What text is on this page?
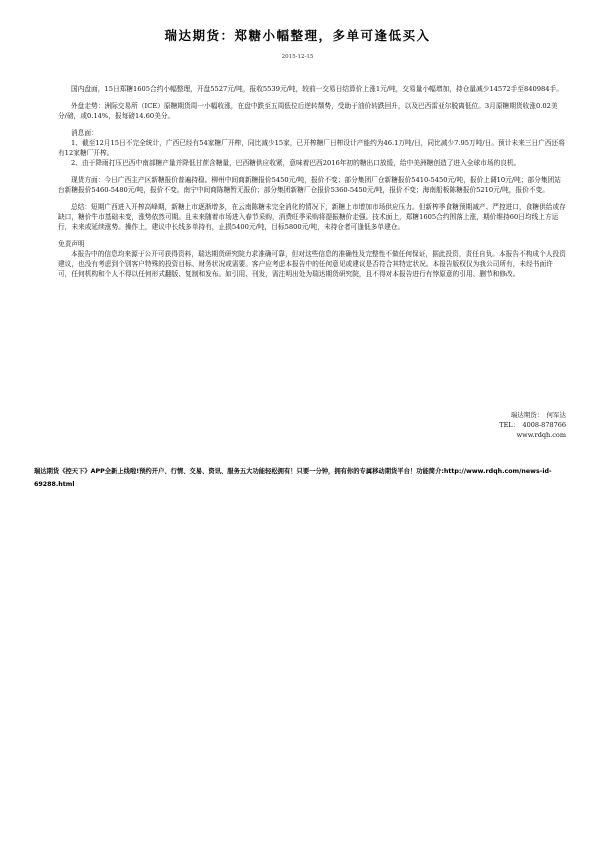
瑞达期货：郑糖小幅整理，多单可逢低买入
2015-12-15

国内盘面，15日郑糖1605合约小幅整理，开盘5527元/吨，报收5539元/吨，较前一交易日结算价上涨1元/吨，交易量小幅增加，持仓量减少14572手至840984手。

外盘走势：洲际交易所（ICE）原糖期货周一小幅收涨，在盘中跌至五周低位后逆转颓势，受助于油价转跌回升，以及巴西雷亚尔脱离低位。3月原糖期货收涨0.02美分/磅，或0.14%，报每磅14.60美分。

消息面：

1、截至12月15日不完全统计，广西已经有54家糖厂开榨，同比减少15家，已开榨糖厂日榨设计产能约为46.1万吨/日，同比减少7.95万吨/日。预计未来三日广西还将有12家糖厂开榨。

2、由于降雨打压巴西中南部糖产量并降低甘蔗含糖量，巴西糖供应收紧，意味着巴西2016年初的糖出口放缓，给中美洲糖创造了进入全球市场的良机。

现货方面：今日广西主产区新糖报价普遍持稳。柳州中间商新糖报价5450元/吨，报价不变；部分集团厂仓新糖报价5410-5450元/吨，报价上调10元/吨；部分集团站台新糖报价5460-5480元/吨，报价不变。南宁中间商陈糖暂无报价；部分集团新糖厂仓报价5360-5450元/吨，报价不变；海南船板陈糖报价5210元/吨，报价不变。

总结：短期广西进入开榨高峰期，新糖上市逐渐增多，在云南陈糖未完全消化的情况下，新糖上市增加市场供应压力。但新榨季食糖预期减产、严控进口，食糖供给或存缺口，糖价牛市基础未变，涨势依然可期。且未来随着市场进入春节采购，消费旺季采购将提振糖价走强。技术面上，郑糖1605合约围落上涨，期价维持60日均线上方运行，未来或延续涨势。操作上，建议中长线多单持有，止损5400元/吨，目标5800元/吨，未持仓者可逢低多单建仓。

免责声明

本报告中的信息均来源于公开可获得资料，瑞达期货研究院力求准确可靠，但对这些信息的准确性及完整性不做任何保证，据此投资，责任自负。本报告不构成个人投资建议，也没有考虑到个别客户特殊的投资目标、财务状况或需要。客户应考虑本报告中的任何意见或建议是否符合其特定状况。本报告版权仅为我公司所有，未经书面许可，任何机构和个人不得以任何形式翻版、复制和发布。如引用、刊发，需注明出处为瑞达期货研究院，且不得对本报告进行有悖原意的引用、删节和修改。

瑞达期货：　何军达
TEL：　4008-878766
www.rdqh.com
瑞达期货《控天下》APP全新上线啦!预约开户、行情、交易、资讯、服务五大功能轻松拥有！只要一分钟，拥有你的专属移动期货平台！功能简介:http://www.rdqh.com/news-id-69288.html
